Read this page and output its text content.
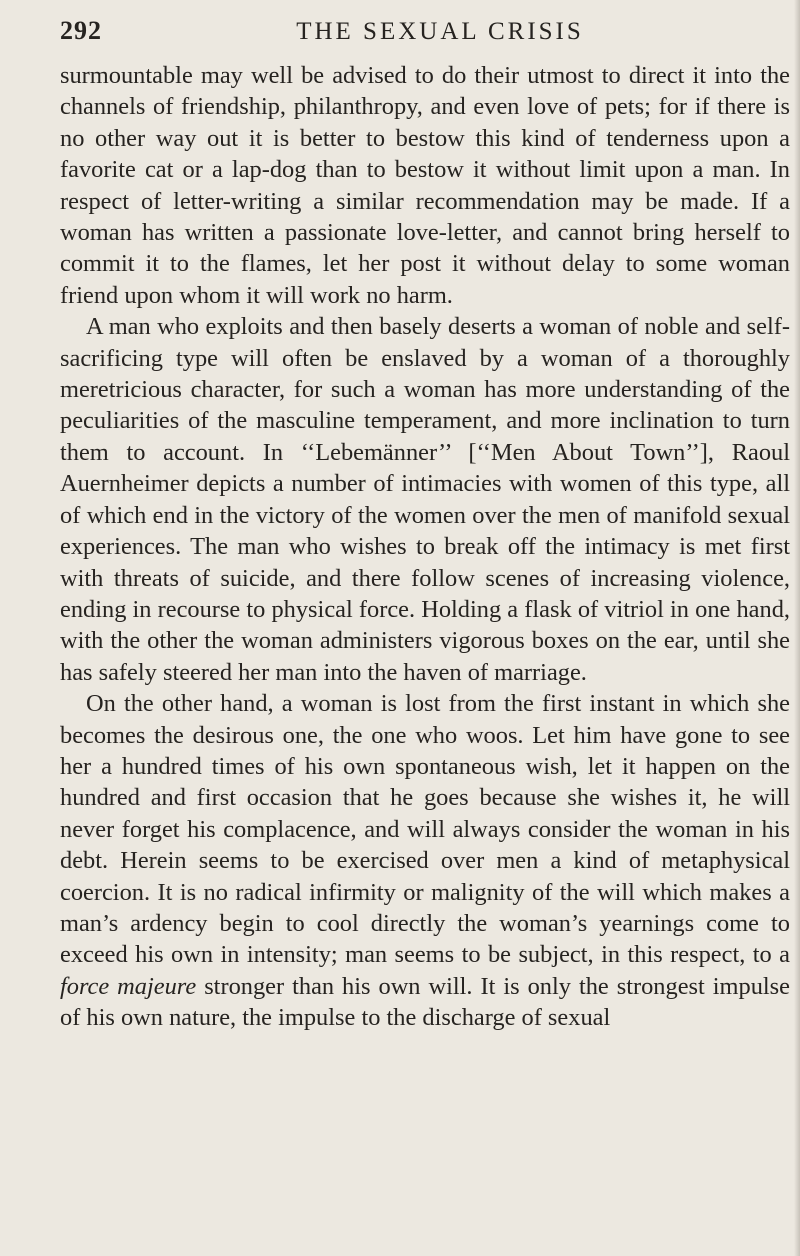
292	THE SEXUAL CRISIS

surmountable may well be advised to do their utmost to direct it into the channels of friendship, philanthropy, and even love of pets; for if there is no other way out it is better to bestow this kind of tenderness upon a favorite cat or a lap-dog than to bestow it without limit upon a man. In respect of letter-writing a similar recommendation may be made. If a woman has written a passionate love-letter, and cannot bring herself to commit it to the flames, let her post it without delay to some woman friend upon whom it will work no harm.

A man who exploits and then basely deserts a woman of noble and self-sacrificing type will often be enslaved by a woman of a thoroughly meretricious character, for such a woman has more understanding of the peculiarities of the masculine temperament, and more inclination to turn them to account. In ‘‘Lebemänner’’ [‘‘Men About Town’’], Raoul Auernheimer depicts a number of intimacies with women of this type, all of which end in the victory of the women over the men of manifold sexual experiences. The man who wishes to break off the intimacy is met first with threats of suicide, and there follow scenes of increasing violence, ending in recourse to physical force. Holding a flask of vitriol in one hand, with the other the woman administers vigorous boxes on the ear, until she has safely steered her man into the haven of marriage.

On the other hand, a woman is lost from the first instant in which she becomes the desirous one, the one who woos. Let him have gone to see her a hundred times of his own spontaneous wish, let it happen on the hundred and first occasion that he goes because she wishes it, he will never forget his complacence, and will always consider the woman in his debt. Herein seems to be exercised over men a kind of metaphysical coercion. It is no radical infirmity or malignity of the will which makes a man’s ardency begin to cool directly the woman’s yearnings come to exceed his own in intensity; man seems to be subject, in this respect, to a force majeure stronger than his own will. It is only the strongest impulse of his own nature, the impulse to the discharge of sexual
